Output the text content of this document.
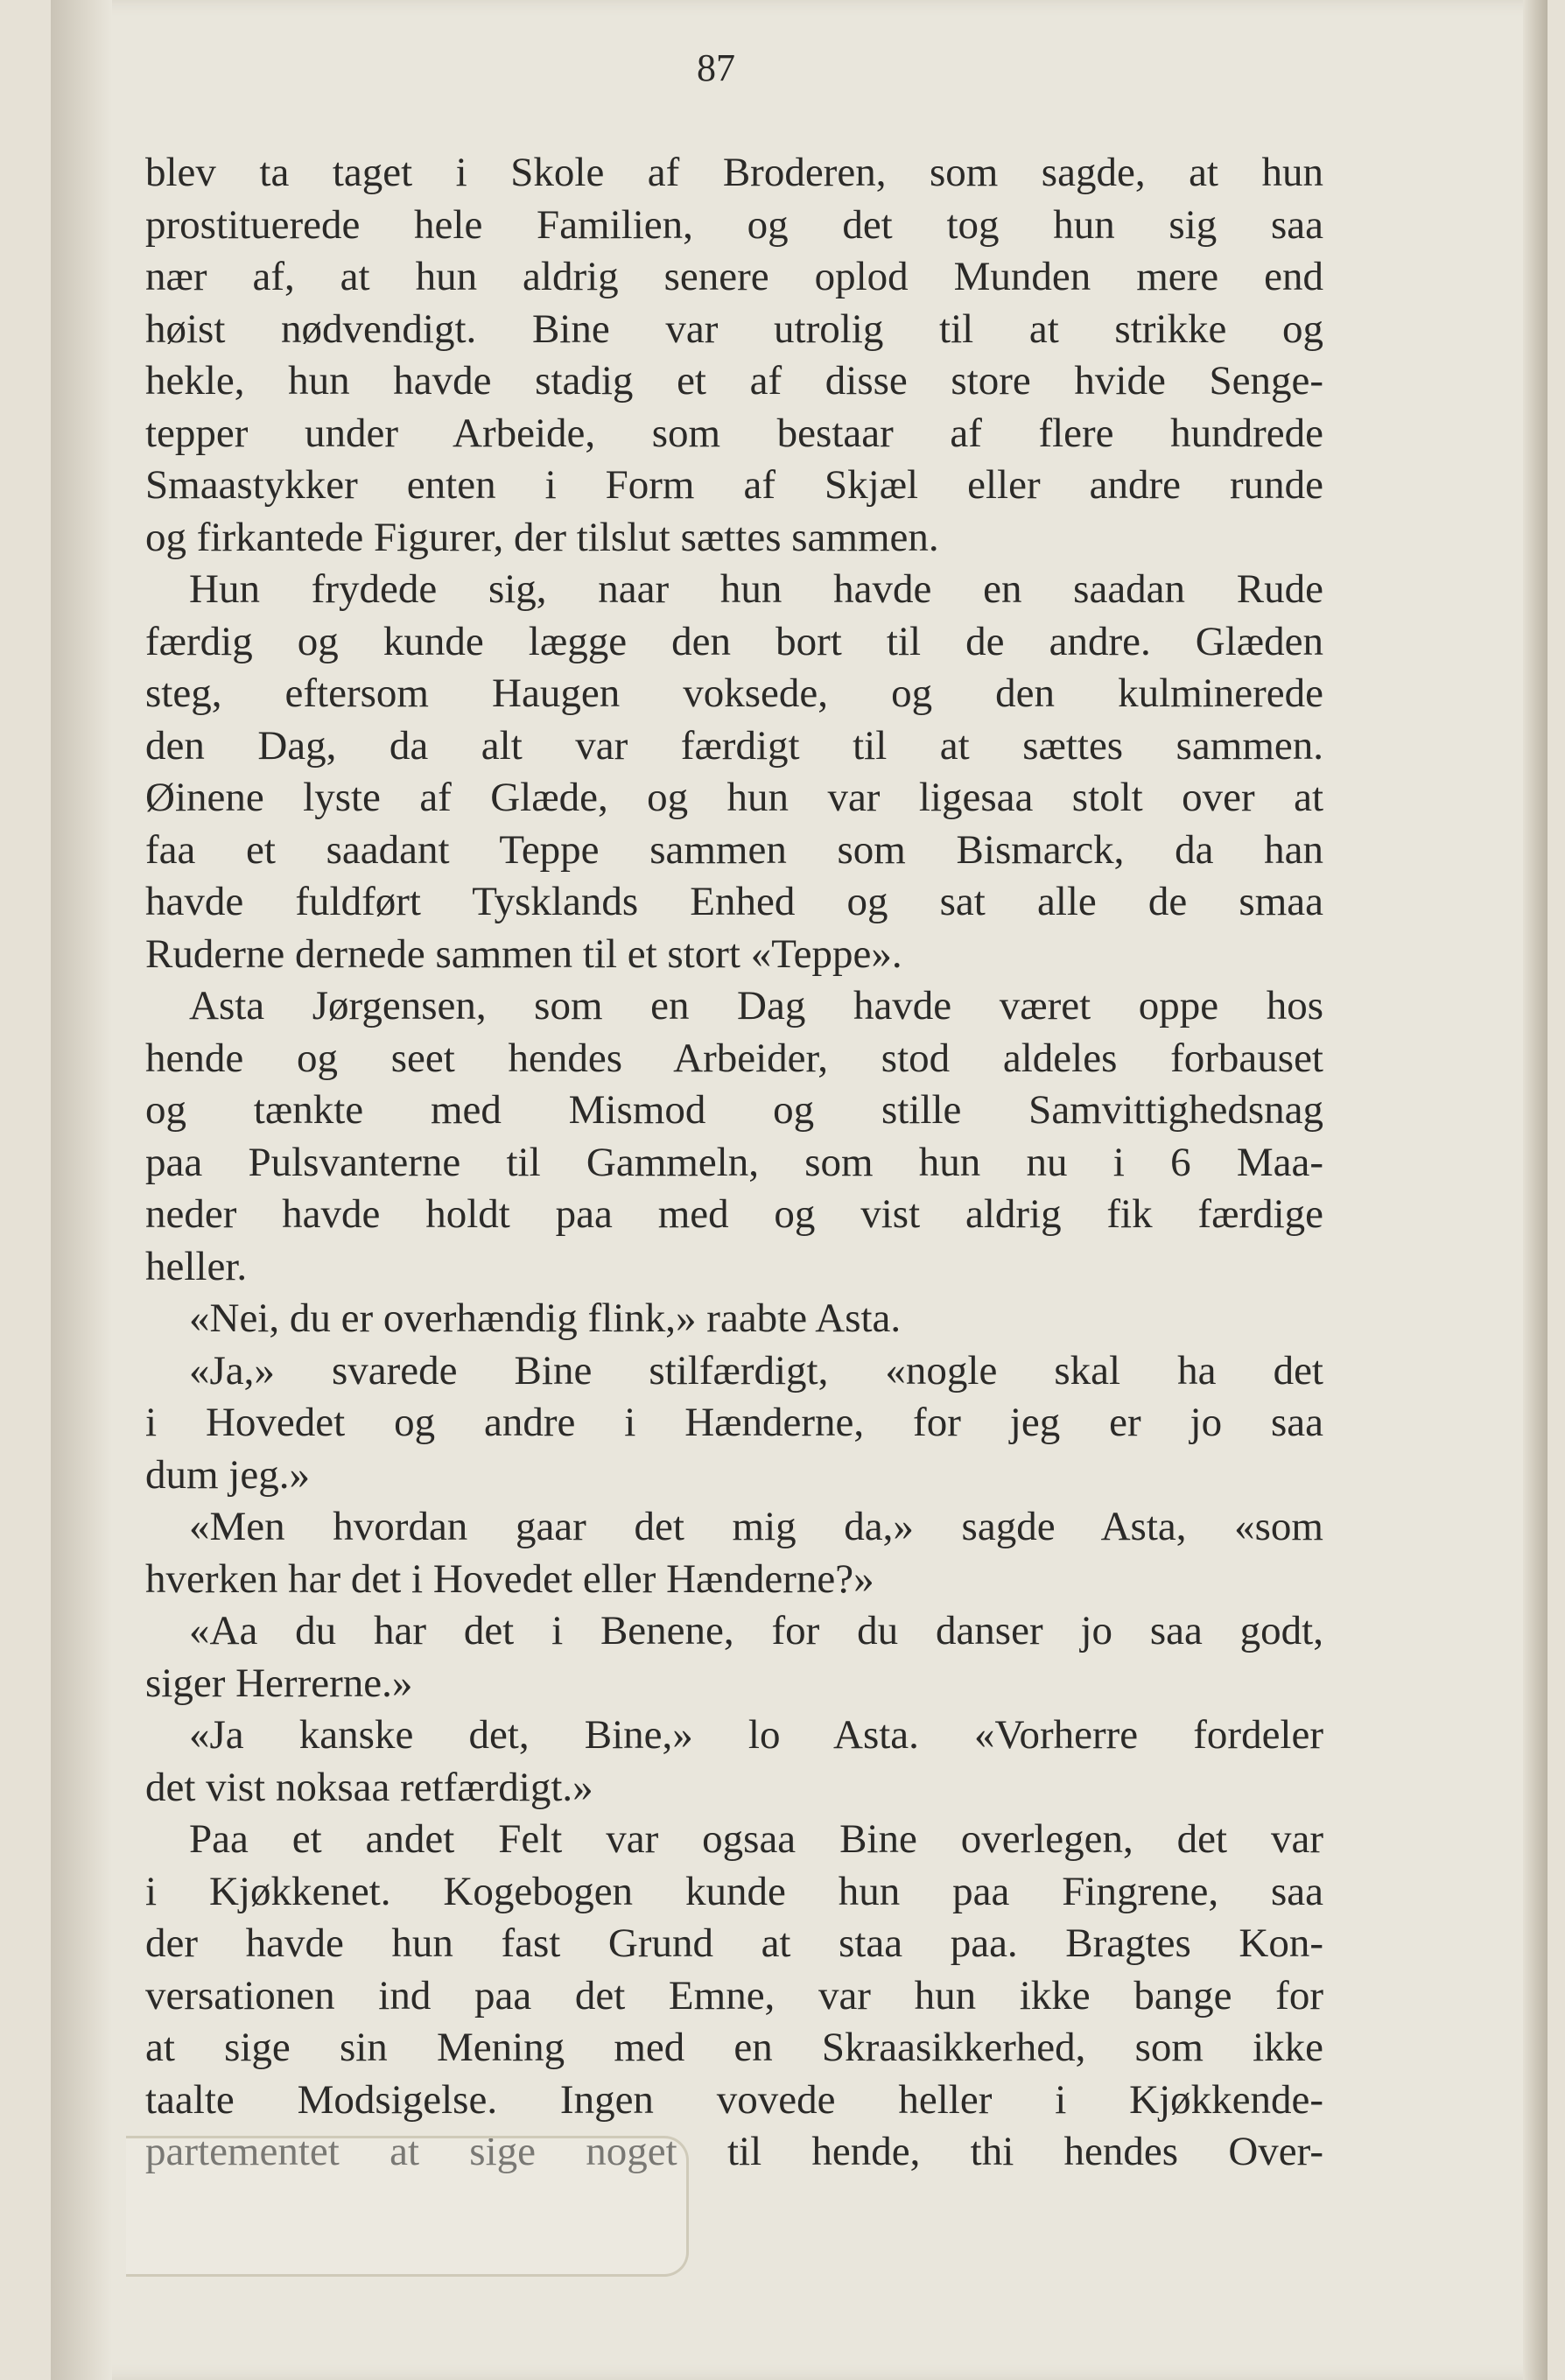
87
blev ta taget i Skole af Broderen, som sagde, at hun
prostituerede hele Familien, og det tog hun sig saa
nær af, at hun aldrig senere oplod Munden mere end
høist nødvendigt. Bine var utrolig til at strikke og
hekle, hun havde stadig et af disse store hvide Senge-
tepper under Arbeide, som bestaar af flere hundrede
Smaastykker enten i Form af Skjæl eller andre runde
og firkantede Figurer, der tilslut sættes sammen.
Hun frydede sig, naar hun havde en saadan Rude
færdig og kunde lægge den bort til de andre. Glæden
steg, eftersom Haugen voksede, og den kulminerede
den Dag, da alt var færdigt til at sættes sammen.
Øinene lyste af Glæde, og hun var ligesaa stolt over at
faa et saadant Teppe sammen som Bismarck, da han
havde fuldført Tysklands Enhed og sat alle de smaa
Ruderne dernede sammen til et stort «Teppe».
Asta Jørgensen, som en Dag havde været oppe hos
hende og seet hendes Arbeider, stod aldeles forbauset
og tænkte med Mismod og stille Samvittighedsnag
paa Pulsvanterne til Gammeln, som hun nu i 6 Maa-
neder havde holdt paa med og vist aldrig fik færdige
heller.
«Nei, du er overhændig flink,» raabte Asta.
«Ja,» svarede Bine stilfærdigt, «nogle skal ha det
i Hovedet og andre i Hænderne, for jeg er jo saa
dum jeg.»
«Men hvordan gaar det mig da,» sagde Asta, «som
hverken har det i Hovedet eller Hænderne?»
«Aa du har det i Benene, for du danser jo saa godt,
siger Herrerne.»
«Ja kanske det, Bine,» lo Asta. «Vorherre fordeler
det vist noksaa retfærdigt.»
Paa et andet Felt var ogsaa Bine overlegen, det var
i Kjøkkenet. Kogebogen kunde hun paa Fingrene, saa
der havde hun fast Grund at staa paa. Bragtes Kon-
versationen ind paa det Emne, var hun ikke bange for
at sige sin Mening med en Skraasikkerhed, som ikke
taalte Modsigelse. Ingen vovede heller i Kjøkkende-
partementet at sige noget til hende, thi hendes Over-
